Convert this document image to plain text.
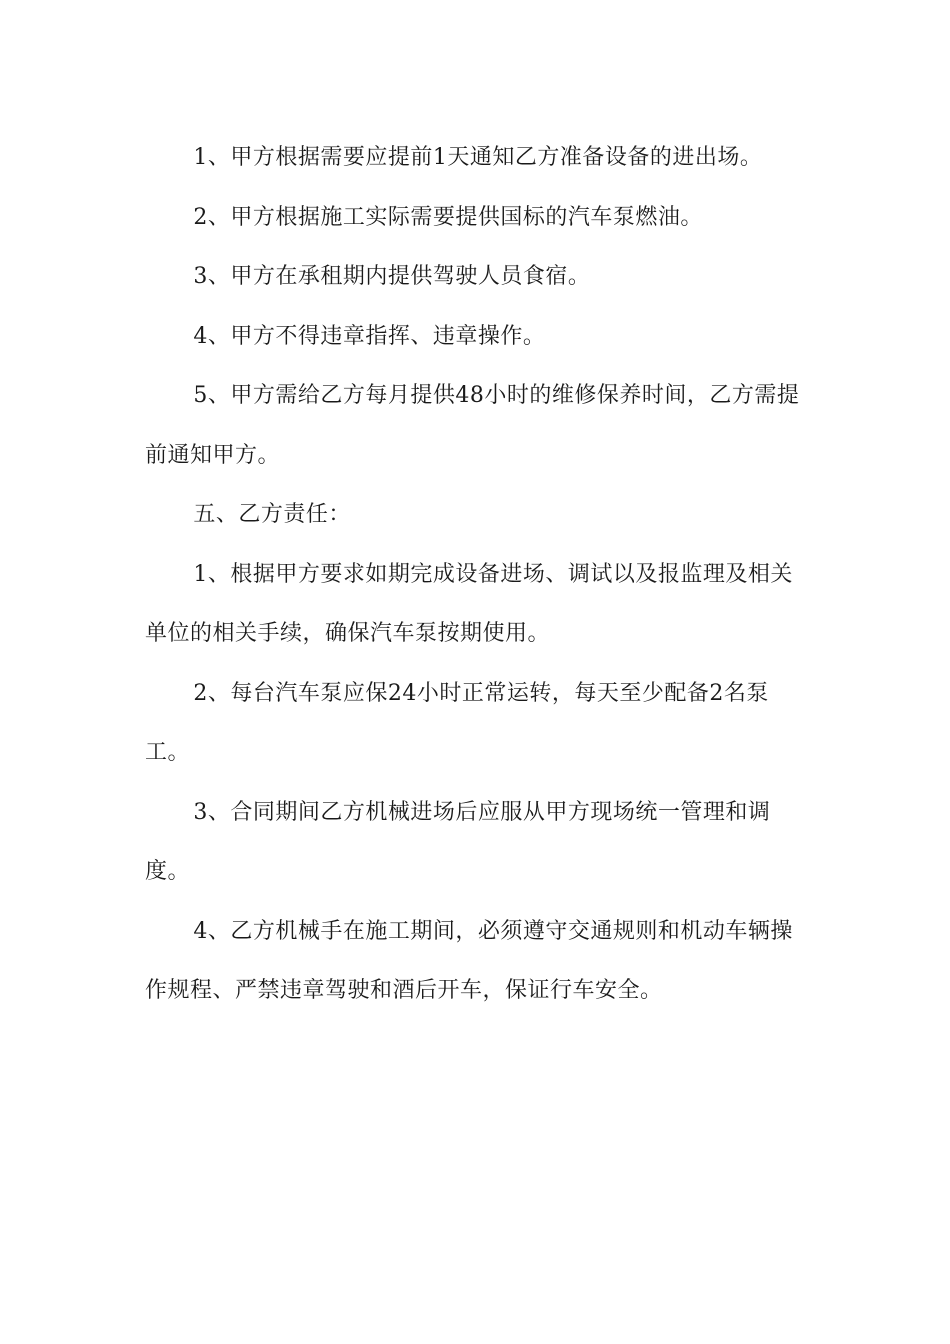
1、甲方根据需要应提前1天通知乙方准备设备的进出场。

2、甲方根据施工实际需要提供国标的汽车泵燃油。

3、甲方在承租期内提供驾驶人员食宿。

4、甲方不得违章指挥、违章操作。

5、甲方需给乙方每月提供48小时的维修保养时间，乙方需提前通知甲方。

五、乙方责任：

1、根据甲方要求如期完成设备进场、调试以及报监理及相关单位的相关手续，确保汽车泵按期使用。

2、每台汽车泵应保24小时正常运转，每天至少配备2名泵工。

3、合同期间乙方机械进场后应服从甲方现场统一管理和调度。

4、乙方机械手在施工期间，必须遵守交通规则和机动车辆操作规程、严禁违章驾驶和酒后开车，保证行车安全。
